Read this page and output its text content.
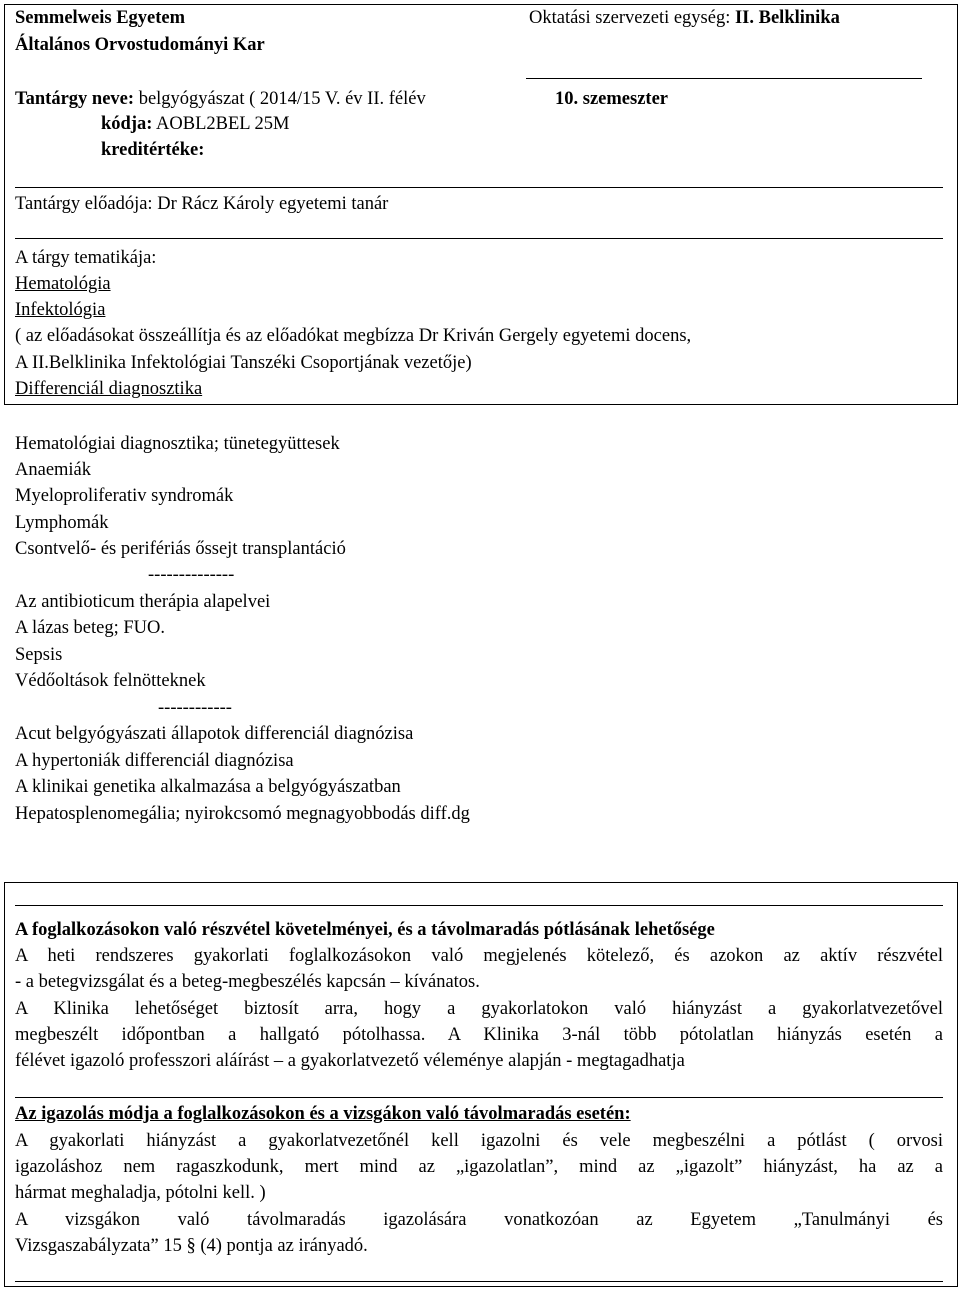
Semmelweis Egyetem
Általános Orvostudományi Kar
Oktatási szervezeti egység: II. Belklinika
Tantárgy neve: belgyógyászat ( 2014/15 V. év II. félév	10. szemeszter
kódja: AOBL2BEL 25M
kreditértéke:
Tantárgy előadója: Dr Rácz Károly egyetemi tanár
A tárgy tematikája:
Hematológia
Infektológia
( az előadásokat összeállítja és az előadókat megbízza Dr Kriván Gergely egyetemi docens,
A II.Belklinika Infektológiai Tanszéki Csoportjának vezetője)
Differenciál diagnosztika
Hematológiai diagnosztika; tünetegyüttesek
Anaemiák
Myeloproliferativ syndromák
Lymphomák
Csontvelő- és perifériás őssejt transplantáció
--------------
Az antibioticum therápia alapelvei
A lázas beteg; FUO.
Sepsis
Védőoltások felnötteknek
------------
Acut belgyógyászati állapotok differenciál diagnózisa
A hypertoniák differenciál diagnózisa
A klinikai genetika alkalmazása a belgyógyászatban
Hepatosplenomegália; nyirokcsomó megnagyobbodás diff.dg
A foglalkozásokon való részvétel követelményei, és a távolmaradás pótlásának lehetősége
A heti rendszeres gyakorlati foglalkozásokon való megjelenés kötelező, és azokon az aktív részvétel
- a betegvizsgálat és a beteg-megbeszélés kapcsán – kívánatos.
A Klinika lehetőséget biztosít arra, hogy a gyakorlatokon való hiányzást a gyakorlatvezetővel
megbeszélt időpontban a hallgató pótolhassa. A Klinika 3-nál több pótolatlan hiányzás esetén a
félévet igazoló professzori aláírást – a gyakorlatvezető véleménye alapján - megtagadhatja
Az igazolás módja a foglalkozásokon és a vizsgákon való távolmaradás esetén:
A gyakorlati hiányzást a gyakorlatvezetőnél kell igazolni és vele megbeszélni a pótlást ( orvosi
igazoláshoz nem ragaszkodunk, mert mind az „igazolatlan”, mind az „igazolt” hiányzást, ha az a
hármat meghaladja, pótolni kell. )
A vizsgákon való távolmaradás igazolására vonatkozóan az Egyetem „Tanulmányi és
Vizsgaszabályzata” 15 § (4) pontja az irányadó.
